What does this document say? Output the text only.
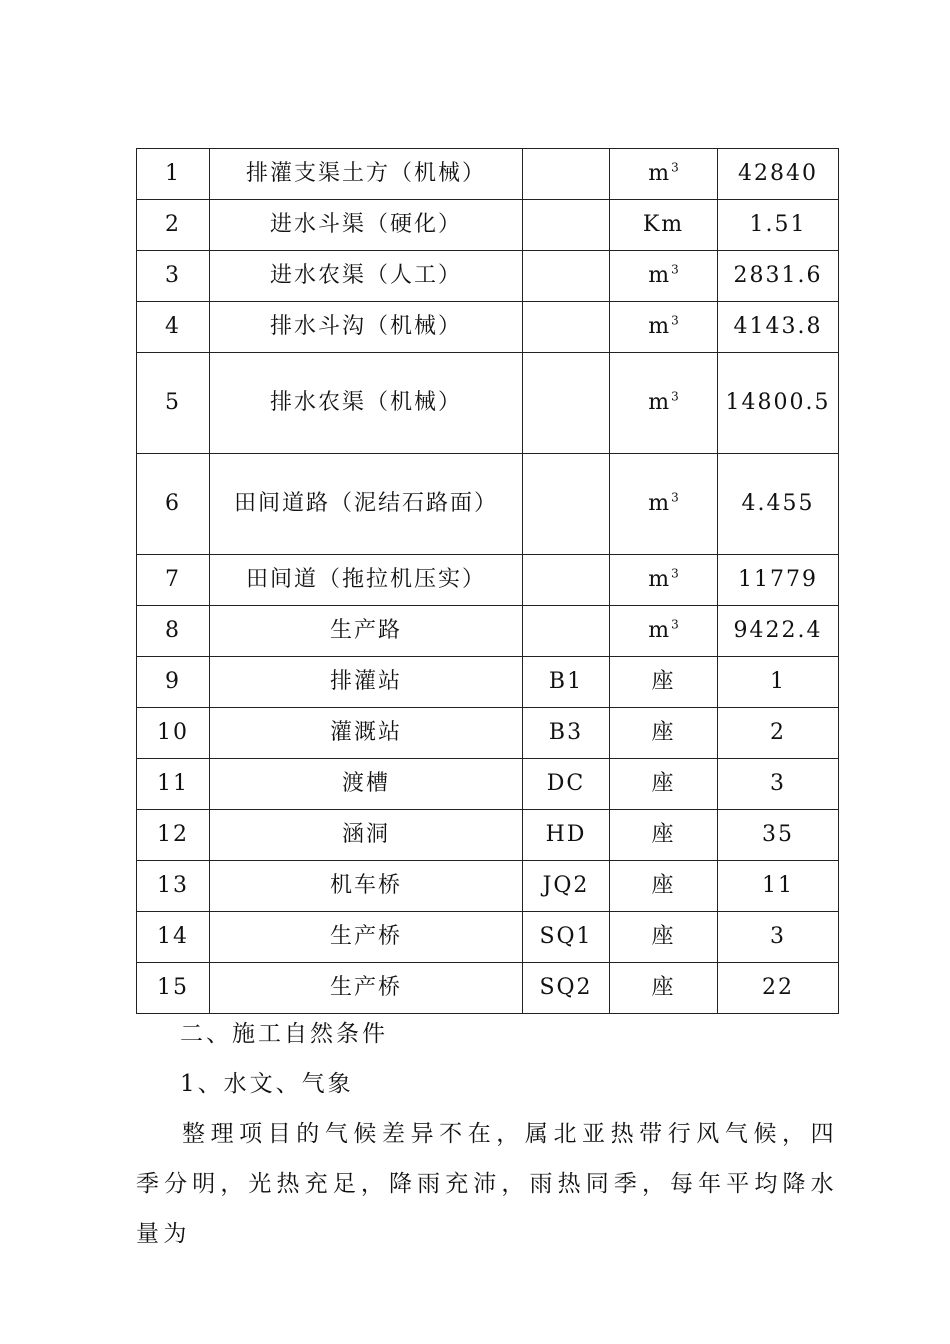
1	排灌支渠土方（机械）		$m^3$	42840
2	进水斗渠（硬化）		Km	1.51
3	进水农渠（人工）		$m^3$	2831.6
4	排水斗沟（机械）		$m^3$	4143.8
5	排水农渠（机械）		$m^3$	14800.5
6	田间道路（泥结石路面）		$m^3$	4.455
7	田间道（拖拉机压实）		$m^3$	11779
8	生产路		$m^3$	9422.4
9	排灌站	B1	座	1
10	灌溉站	B3	座	2
11	渡槽	DC	座	3
12	涵洞	HD	座	35
13	机车桥	JQ2	座	11
14	生产桥	SQ1	座	3
15	生产桥	SQ2	座	22

二、施工自然条件

1、水文、气象

整理项目的气候差异不在，属北亚热带行风气候，四季分明，光热充足，降雨充沛，雨热同季，每年平均降水量为
